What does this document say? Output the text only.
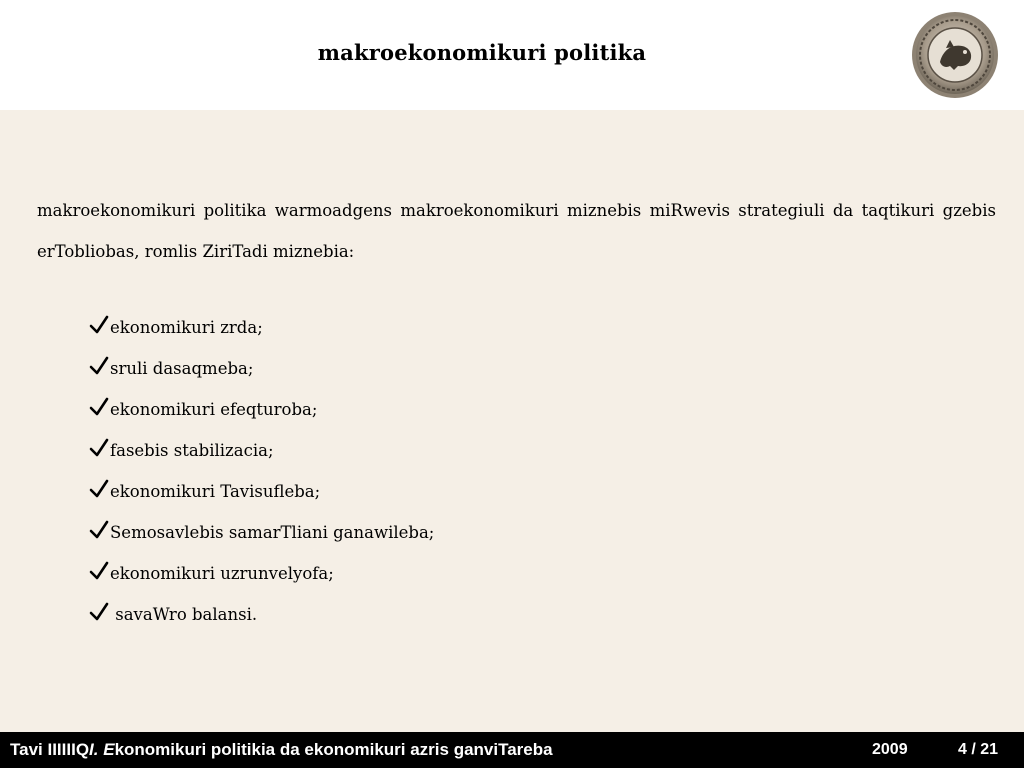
makroekonomikuri politika
makroekonomikuri politika warmoadgens makroekonomikuri miznebis miRwevis strategiuli da taqtikuri gzebis erTobliobas, romlis ZiriTadi miznebia:
ekonomikuri zrda;
sruli dasaqmeba;
ekonomikuri efeqturoba;
fasebis stabilizacia;
ekonomikuri Tavisufleba;
Semosavlebis samarTliani ganawileba;
ekonomikuri uzrunvelyofa;
savaWro balansi.
Tavi IIIIIIQI. Ekonomikuri politikia da ekonomikuri azris ganviTareba	2009	4 / 21
